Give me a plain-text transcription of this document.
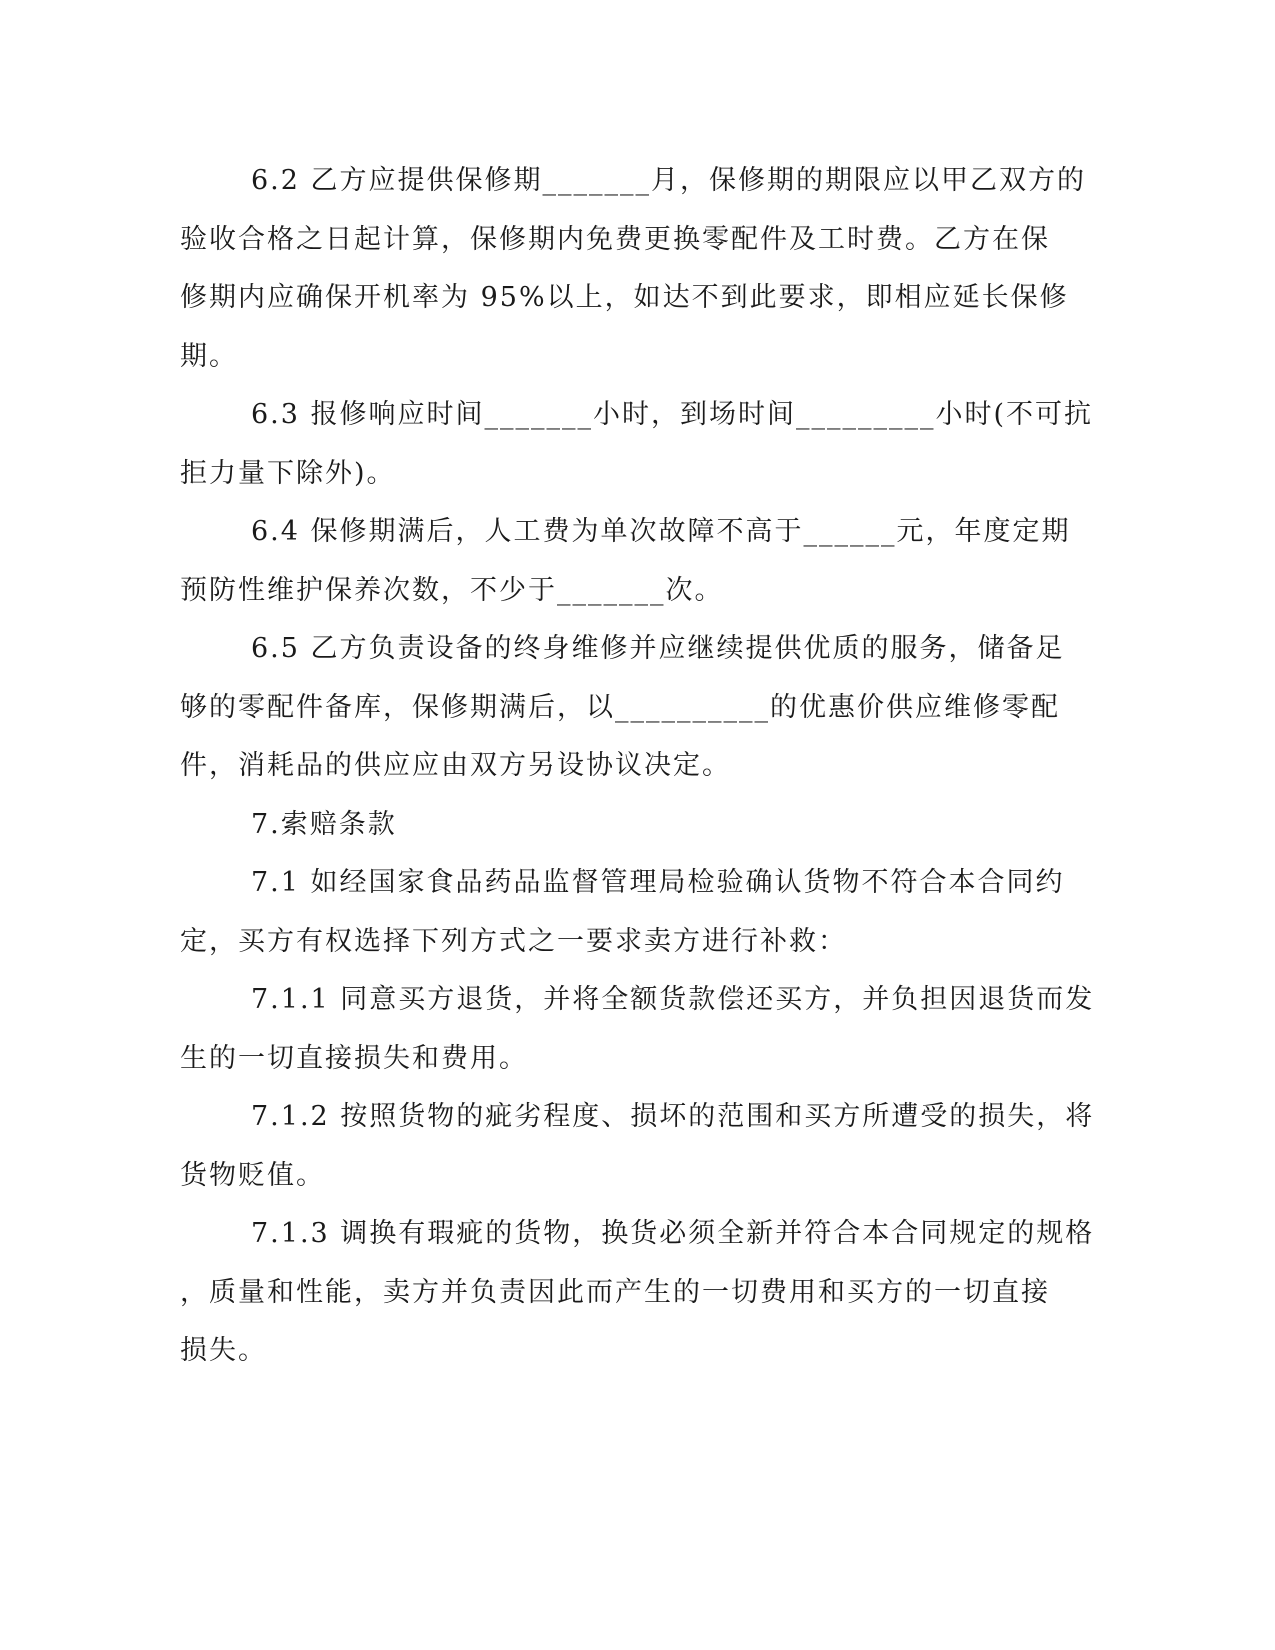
6.2 乙方应提供保修期_______月，保修期的期限应以甲乙双方的
验收合格之日起计算，保修期内免费更换零配件及工时费。乙方在保
修期内应确保开机率为 95%以上，如达不到此要求，即相应延长保修
期。
6.3 报修响应时间_______小时，到场时间_________小时(不可抗
拒力量下除外)。
6.4 保修期满后，人工费为单次故障不高于______元，年度定期
预防性维护保养次数，不少于_______次。
6.5 乙方负责设备的终身维修并应继续提供优质的服务，储备足
够的零配件备库，保修期满后，以__________的优惠价供应维修零配
件，消耗品的供应应由双方另设协议决定。
7.索赔条款
7.1 如经国家食品药品监督管理局检验确认货物不符合本合同约
定，买方有权选择下列方式之一要求卖方进行补救：
7.1.1 同意买方退货，并将全额货款偿还买方，并负担因退货而发
生的一切直接损失和费用。
7.1.2 按照货物的疵劣程度、损坏的范围和买方所遭受的损失，将
货物贬值。
7.1.3 调换有瑕疵的货物，换货必须全新并符合本合同规定的规格
，质量和性能，卖方并负责因此而产生的一切费用和买方的一切直接
损失。
